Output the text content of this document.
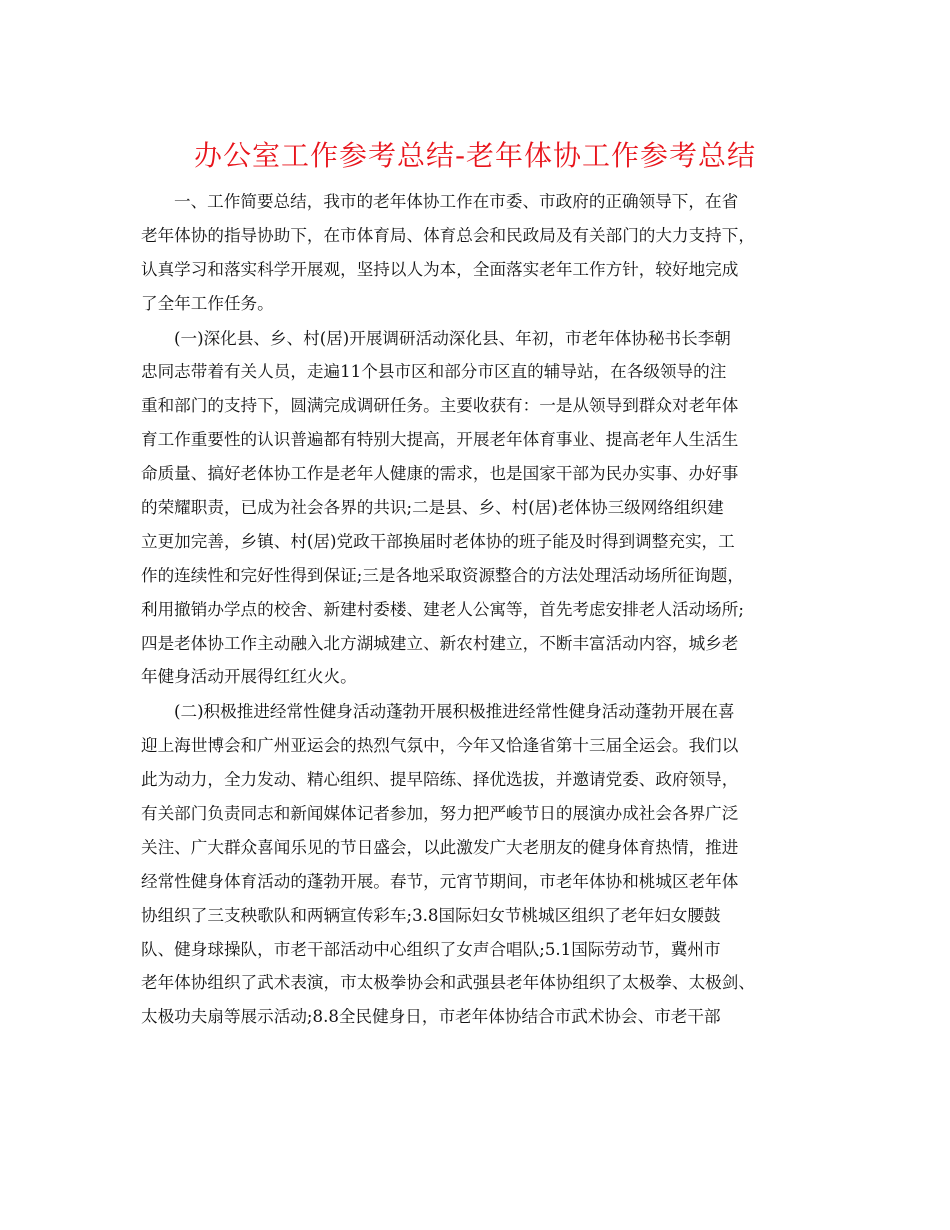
办公室工作参考总结-老年体协工作参考总结
一、工作简要总结，我市的老年体协工作在市委、市政府的正确领导下，在省
老年体协的指导协助下，在市体育局、体育总会和民政局及有关部门的大力支持下，
认真学习和落实科学开展观，坚持以人为本，全面落实老年工作方针，较好地完成
了全年工作任务。
(一)深化县、乡、村(居)开展调研活动深化县、年初，市老年体协秘书长李朝
忠同志带着有关人员，走遍11个县市区和部分市区直的辅导站，在各级领导的注
重和部门的支持下，圆满完成调研任务。主要收获有：一是从领导到群众对老年体
育工作重要性的认识普遍都有特别大提高，开展老年体育事业、提高老年人生活生
命质量、搞好老体协工作是老年人健康的需求，也是国家干部为民办实事、办好事
的荣耀职责，已成为社会各界的共识;二是县、乡、村(居)老体协三级网络组织建
立更加完善，乡镇、村(居)党政干部换届时老体协的班子能及时得到调整充实，工
作的连续性和完好性得到保证;三是各地采取资源整合的方法处理活动场所征询题，
利用撤销办学点的校舍、新建村委楼、建老人公寓等，首先考虑安排老人活动场所;
四是老体协工作主动融入北方湖城建立、新农村建立，不断丰富活动内容，城乡老
年健身活动开展得红红火火。
(二)积极推进经常性健身活动蓬勃开展积极推进经常性健身活动蓬勃开展在喜
迎上海世博会和广州亚运会的热烈气氛中，今年又恰逢省第十三届全运会。我们以
此为动力，全力发动、精心组织、提早陪练、择优选拔，并邀请党委、政府领导，
有关部门负责同志和新闻媒体记者参加，努力把严峻节日的展演办成社会各界广泛
关注、广大群众喜闻乐见的节日盛会，以此激发广大老朋友的健身体育热情，推进
经常性健身体育活动的蓬勃开展。春节，元宵节期间，市老年体协和桃城区老年体
协组织了三支秧歌队和两辆宣传彩车;3.8国际妇女节桃城区组织了老年妇女腰鼓
队、健身球操队，市老干部活动中心组织了女声合唱队;5.1国际劳动节，冀州市
老年体协组织了武术表演，市太极拳协会和武强县老年体协组织了太极拳、太极剑、
太极功夫扇等展示活动;8.8全民健身日，市老年体协结合市武术协会、市老干部
